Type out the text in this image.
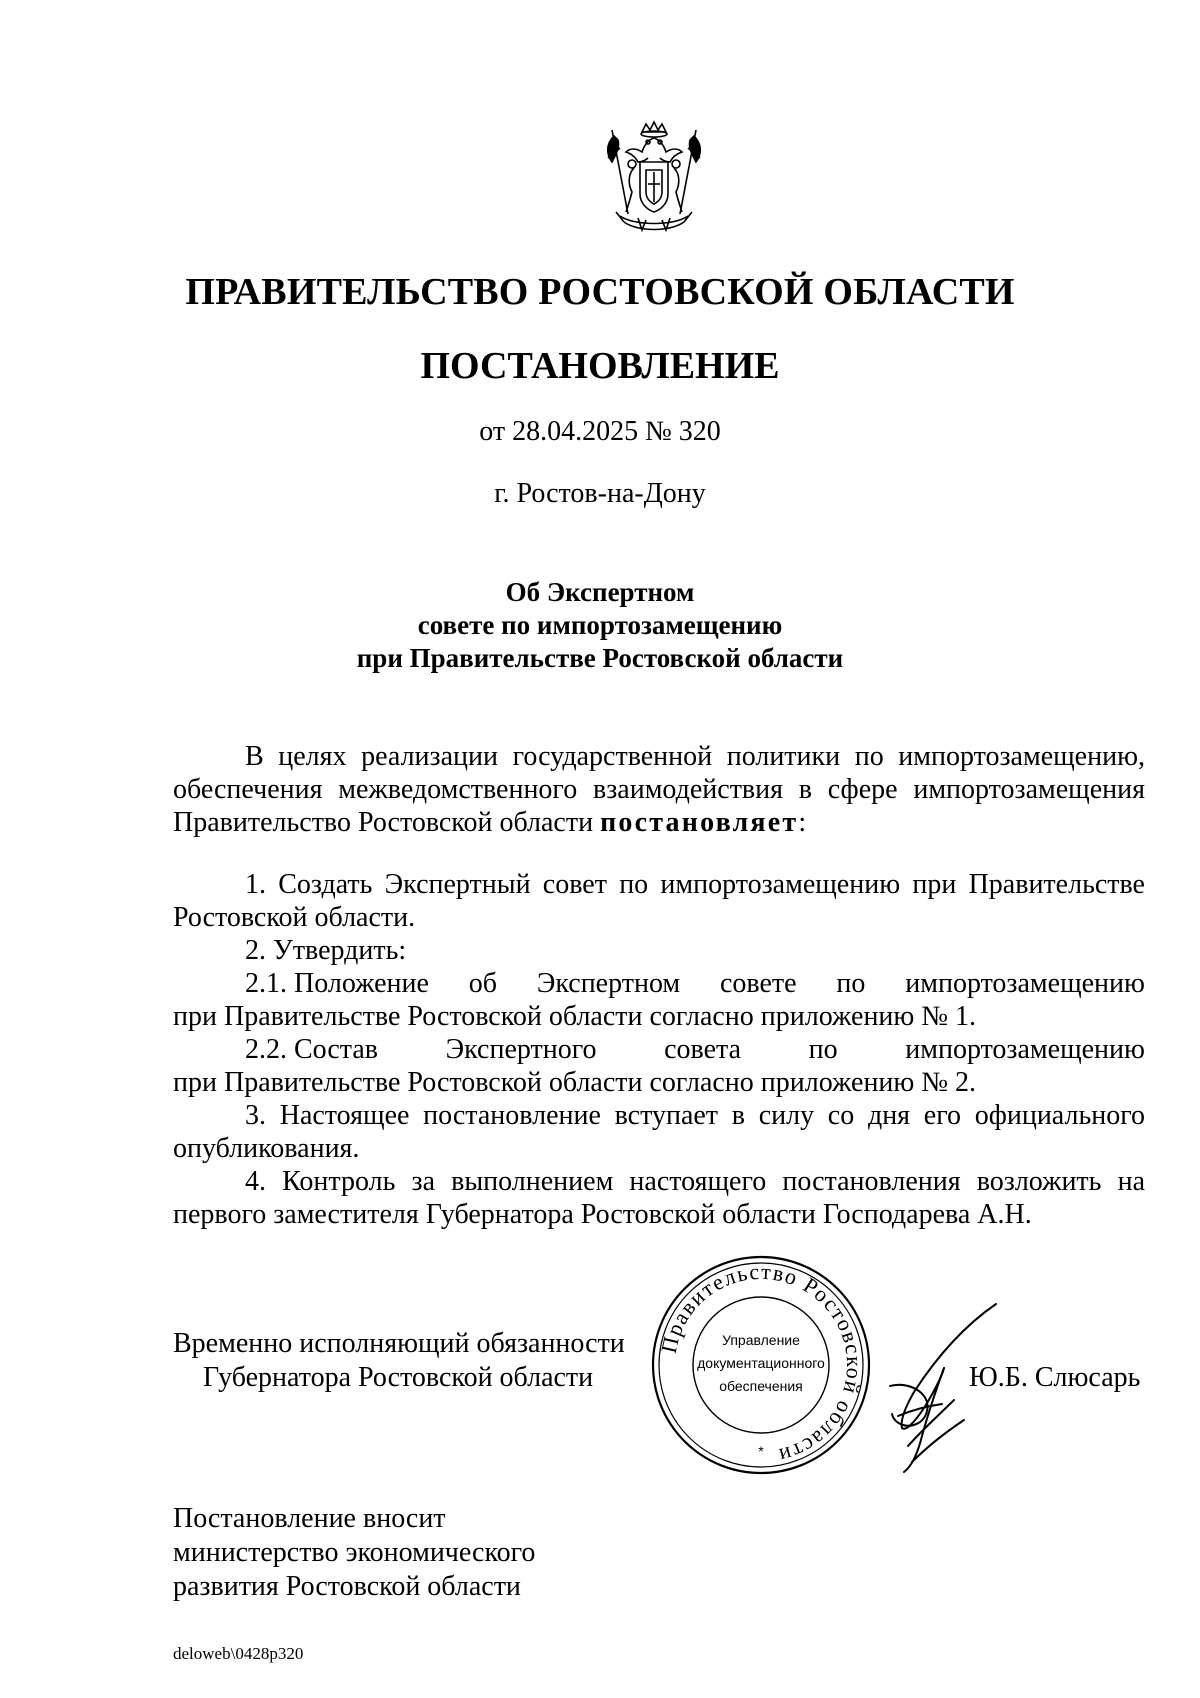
ПРАВИТЕЛЬСТВО РОСТОВСКОЙ ОБЛАСТИ
ПОСТАНОВЛЕНИЕ
от 28.04.2025 № 320
г. Ростов-на-Дону
Об Экспертном
совете по импортозамещению
при Правительстве Ростовской области

В целях реализации государственной политики по импортозамещению, обеспечения межведомственного взаимодействия в сфере импортозамещения Правительство Ростовской области постановляет:

1. Создать Экспертный совет по импортозамещению при Правительстве Ростовской области.

2. Утвердить:

2.1. Положение об Экспертном совете по импортозамещению

при Правительстве Ростовской области согласно приложению № 1.

2.2. Состав Экспертного совета по импортозамещению

при Правительстве Ростовской области согласно приложению № 2.

3. Настоящее постановление вступает в силу со дня его официального опубликования.

4. Контроль за выполнением настоящего постановления возложить на первого заместителя Губернатора Ростовской области Господарева А.Н.

Временно исполняющий обязанности
Губернатора Ростовской области
Правительство Ростовской области
Управление
документационного
обеспечения
*
Ю.Б. Слюсарь
Постановление вносит
министерство экономического
развития Ростовской области
deloweb\0428p320
